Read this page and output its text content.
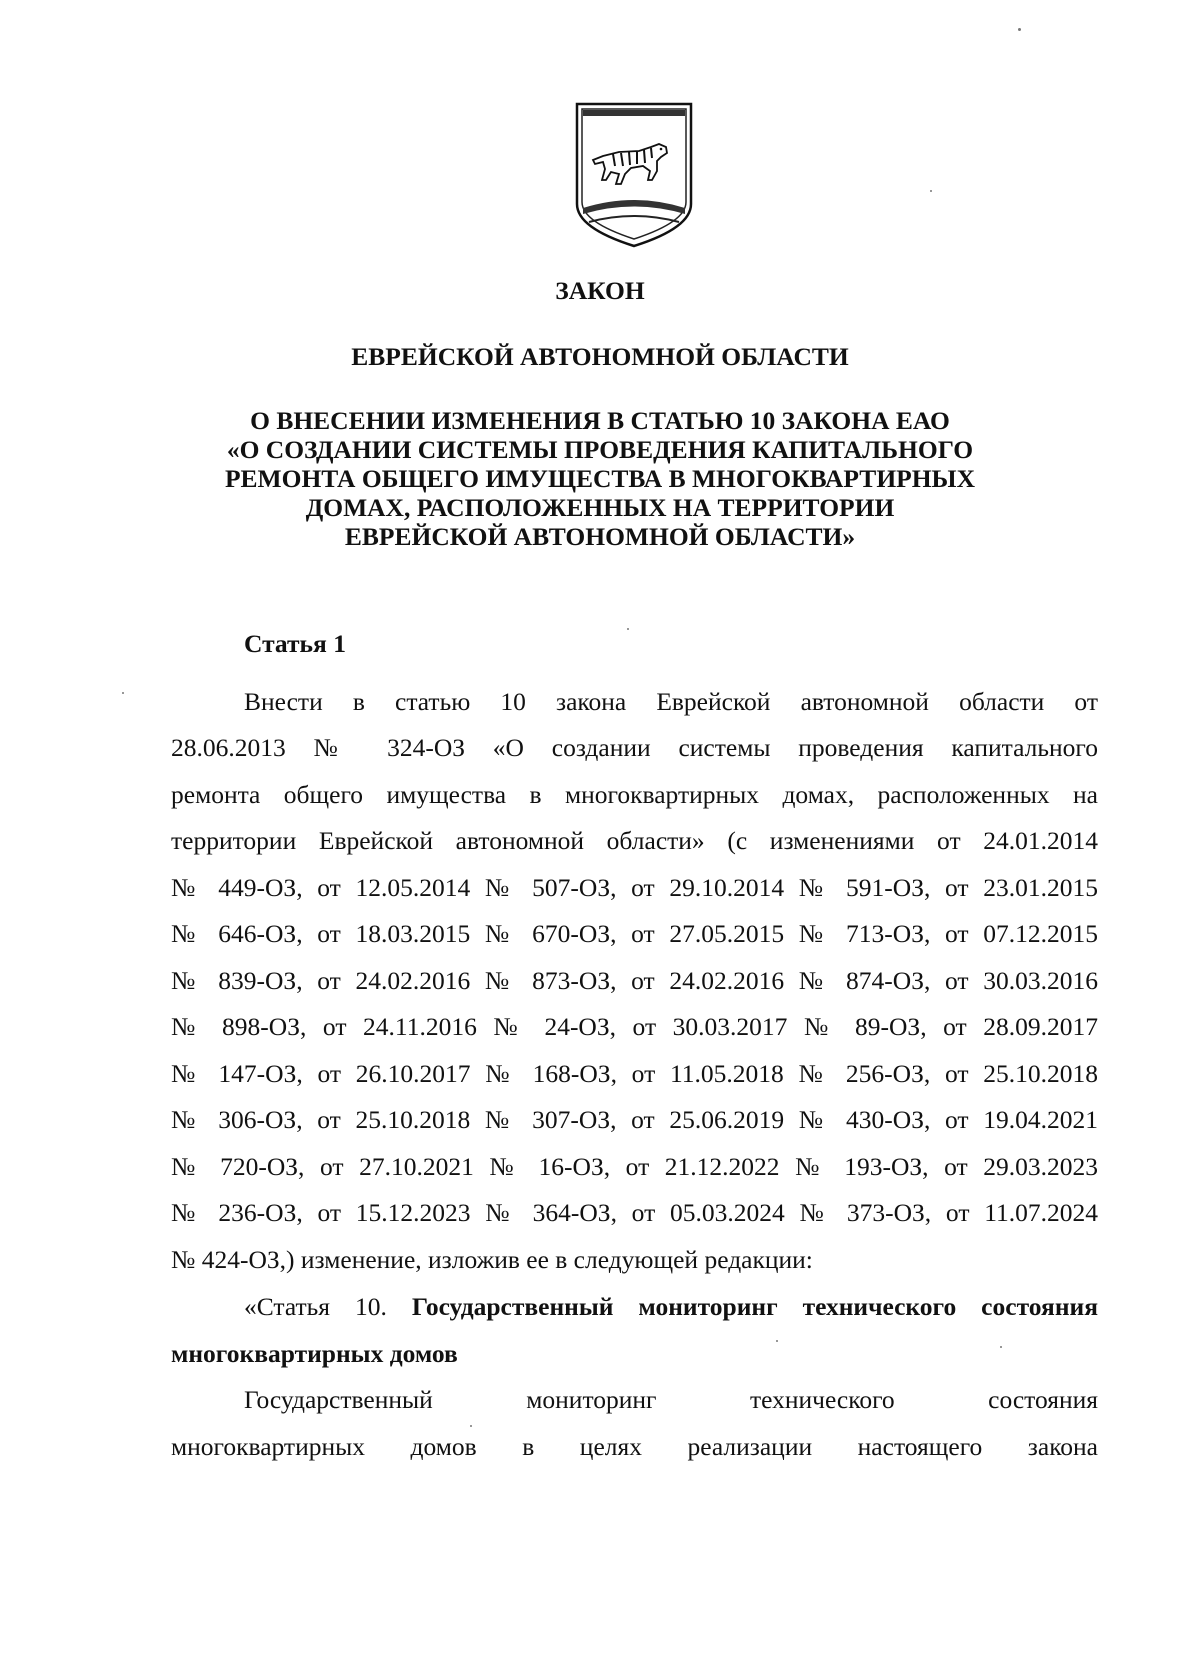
ЗАКОН
ЕВРЕЙСКОЙ АВТОНОМНОЙ ОБЛАСТИ
О ВНЕСЕНИИ ИЗМЕНЕНИЯ В СТАТЬЮ 10 ЗАКОНА ЕАО
«О СОЗДАНИИ СИСТЕМЫ ПРОВЕДЕНИЯ КАПИТАЛЬНОГО
РЕМОНТА ОБЩЕГО ИМУЩЕСТВА В МНОГОКВАРТИРНЫХ
ДОМАХ, РАСПОЛОЖЕННЫХ НА ТЕРРИТОРИИ
ЕВРЕЙСКОЙ АВТОНОМНОЙ ОБЛАСТИ»
Статья 1
Внести в статью 10 закона Еврейской автономной области от
28.06.2013 № 324-ОЗ «О создании системы проведения капитального
ремонта общего имущества в многоквартирных домах, расположенных на
территории Еврейской автономной области» (с изменениями от 24.01.2014
№ 449-ОЗ, от 12.05.2014 № 507-ОЗ, от 29.10.2014 № 591-ОЗ, от 23.01.2015
№ 646-ОЗ, от 18.03.2015 № 670-ОЗ, от 27.05.2015 № 713-ОЗ, от 07.12.2015
№ 839-ОЗ, от 24.02.2016 № 873-ОЗ, от 24.02.2016 № 874-ОЗ, от 30.03.2016
№ 898-ОЗ, от 24.11.2016 № 24-ОЗ, от 30.03.2017 № 89-ОЗ, от 28.09.2017
№ 147-ОЗ, от 26.10.2017 № 168-ОЗ, от 11.05.2018 № 256-ОЗ, от 25.10.2018
№ 306-ОЗ, от 25.10.2018 № 307-ОЗ, от 25.06.2019 № 430-ОЗ, от 19.04.2021
№ 720-ОЗ, от 27.10.2021 № 16-ОЗ, от 21.12.2022 № 193-ОЗ, от 29.03.2023
№ 236-ОЗ, от 15.12.2023 № 364-ОЗ, от 05.03.2024 № 373-ОЗ, от 11.07.2024
№ 424-ОЗ,) изменение, изложив ее в следующей редакции:
«Статья 10. Государственный мониторинг технического состояния
многоквартирных домов
Государственный мониторинг технического состояния
многоквартирных домов в целях реализации настоящего закона
